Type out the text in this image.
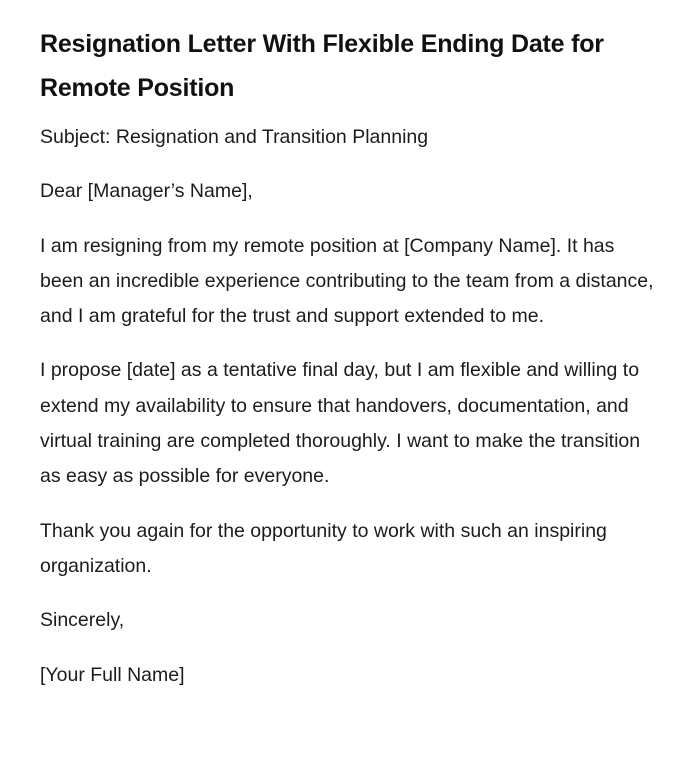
Resignation Letter With Flexible Ending Date for Remote Position

Subject: Resignation and Transition Planning

Dear [Manager’s Name],

I am resigning from my remote position at [Company Name]. It has been an incredible experience contributing to the team from a distance, and I am grateful for the trust and support extended to me.

I propose [date] as a tentative final day, but I am flexible and willing to extend my availability to ensure that handovers, documentation, and virtual training are completed thoroughly. I want to make the transition as easy as possible for everyone.

Thank you again for the opportunity to work with such an inspiring organization.

Sincerely,

[Your Full Name]
